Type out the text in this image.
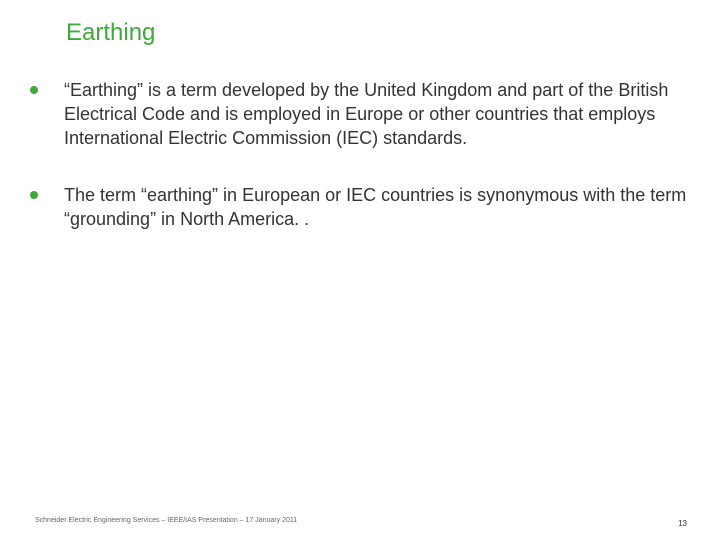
Earthing
“Earthing” is a term developed by the United Kingdom and part of the British Electrical Code and is employed in Europe or other countries that employs International Electric Commission (IEC) standards.
The term “earthing” in European or IEC countries is synonymous with the term “grounding” in North America. .
Schneider Electric Engineering Services – IEEE/IAS Presentation – 17 January 2011	13
